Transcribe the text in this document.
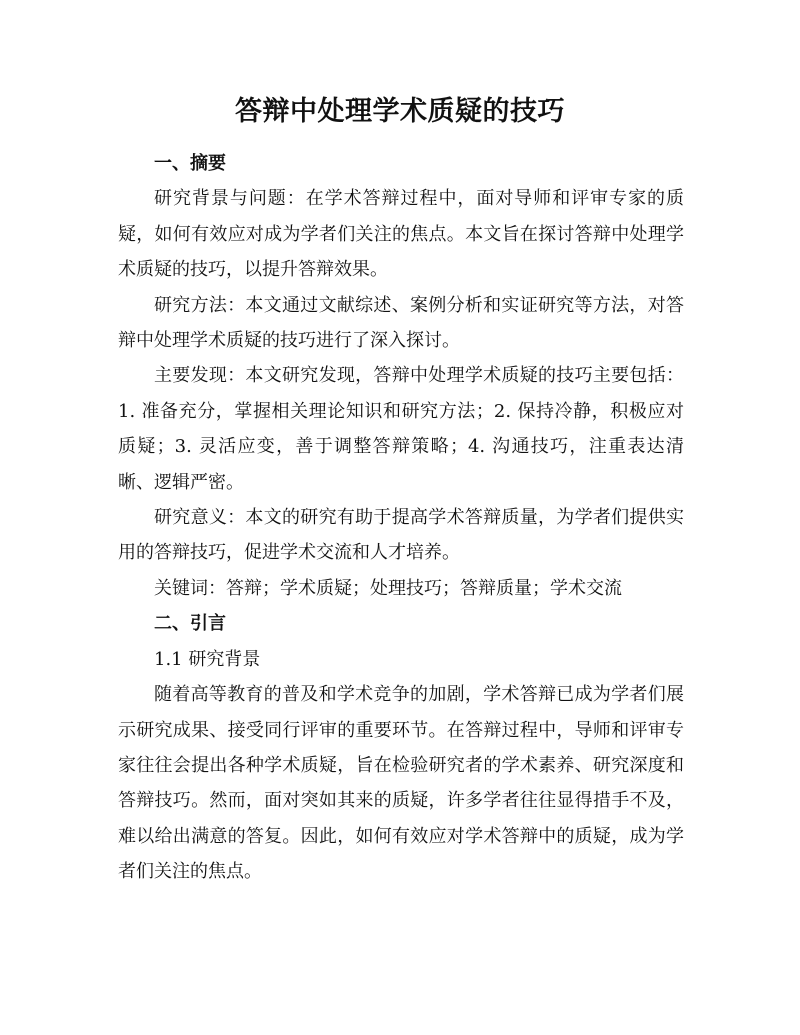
答辩中处理学术质疑的技巧
一、摘要

研究背景与问题：在学术答辩过程中，面对导师和评审专家的质疑，如何有效应对成为学者们关注的焦点。本文旨在探讨答辩中处理学术质疑的技巧，以提升答辩效果。

研究方法：本文通过文献综述、案例分析和实证研究等方法，对答辩中处理学术质疑的技巧进行了深入探讨。

主要发现：本文研究发现，答辩中处理学术质疑的技巧主要包括：1. 准备充分，掌握相关理论知识和研究方法；2. 保持冷静，积极应对质疑；3. 灵活应变，善于调整答辩策略；4. 沟通技巧，注重表达清晰、逻辑严密。

研究意义：本文的研究有助于提高学术答辩质量，为学者们提供实用的答辩技巧，促进学术交流和人才培养。

关键词：答辩；学术质疑；处理技巧；答辩质量；学术交流

二、引言

1.1 研究背景

随着高等教育的普及和学术竞争的加剧，学术答辩已成为学者们展示研究成果、接受同行评审的重要环节。在答辩过程中，导师和评审专家往往会提出各种学术质疑，旨在检验研究者的学术素养、研究深度和答辩技巧。然而，面对突如其来的质疑，许多学者往往显得措手不及，难以给出满意的答复。因此，如何有效应对学术答辩中的质疑，成为学者们关注的焦点。
